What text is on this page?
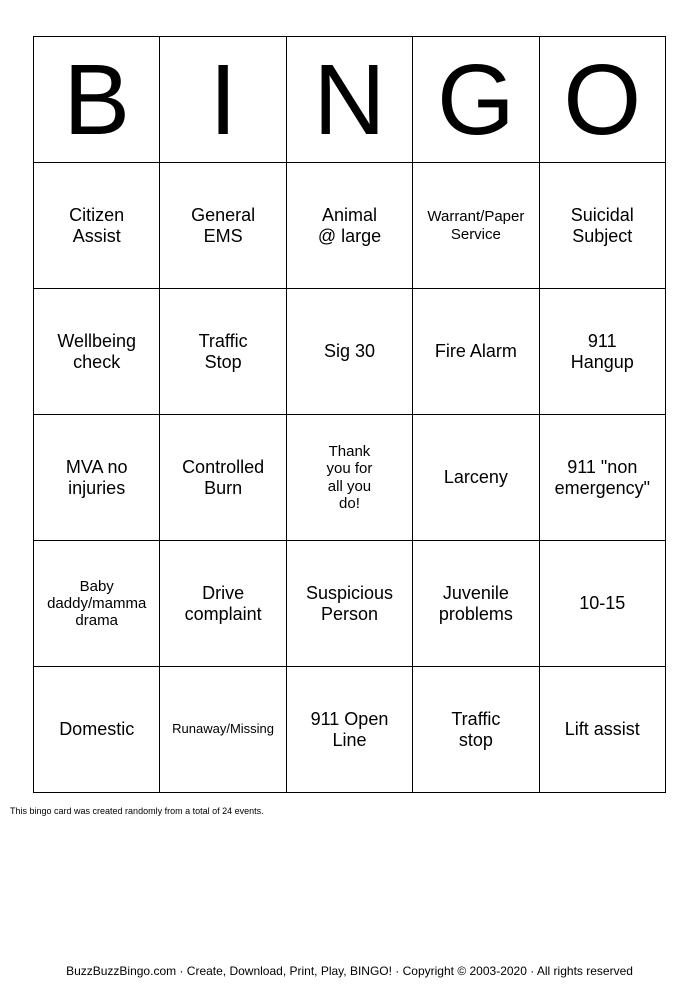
B	I	N	G	O

Citizen
Assist	General
EMS	Animal
@ large	Warrant/Paper
Service	Suicidal
Subject

Wellbeing
check	Traffic
Stop	Sig 30	Fire Alarm	911
Hangup

MVA no
injuries	Controlled
Burn	Thank
you for
all you
do!	Larceny	911 "non
emergency"

Baby
daddy/mamma
drama	Drive
complaint	Suspicious
Person	Juvenile
problems	10-15

Domestic	Runaway/Missing	911 Open
Line	Traffic
stop	Lift assist
This bingo card was created randomly from a total of 24 events.
BuzzBuzzBingo.com · Create, Download, Print, Play, BINGO! · Copyright © 2003-2020 · All rights reserved
